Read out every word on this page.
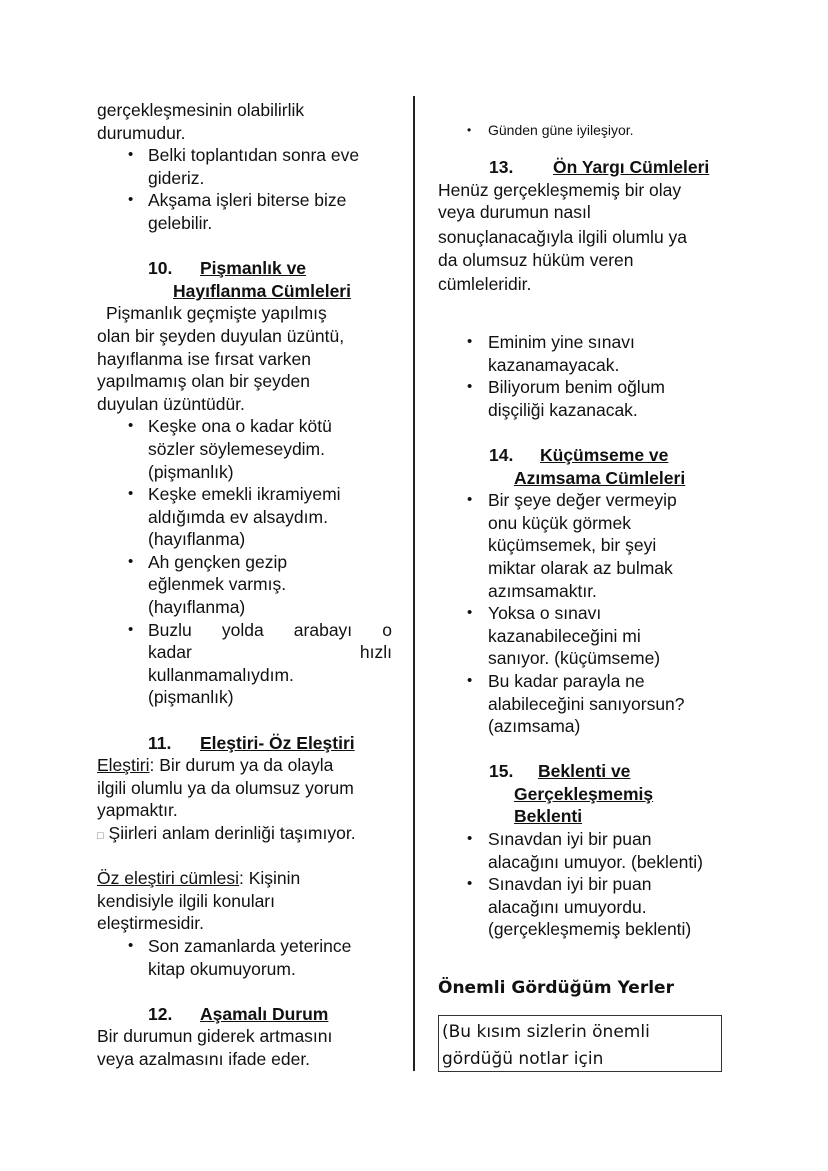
gerçekleşmesinin olabilirlik
durumudur.
• Belki toplantıdan sonra eve
gideriz.
• Akşama işleri biterse bize
gelebilir.
10. Pişmanlık ve
Hayıflanma Cümleleri
Pişmanlık geçmişte yapılmış
olan bir şeyden duyulan üzüntü,
hayıflanma ise fırsat varken
yapılmamış olan bir şeyden
duyulan üzüntüdür.
• Keşke ona o kadar kötü
sözler söylemeseydim.
(pişmanlık)
• Keşke emekli ikramiyemi
aldığımda ev alsaydım.
(hayıflanma)
• Ah gençken gezip
eğlenmek varmış.
(hayıflanma)
• Buzlu yolda arabayı o
kadar hızlı
kullanmamalıydım.
(pişmanlık)
11. Eleştiri- Öz Eleştiri
Eleştiri: Bir durum ya da olayla
ilgili olumlu ya da olumsuz yorum
yapmaktır.
□ Şiirleri anlam derinliği taşımıyor.
Öz eleştiri cümlesi: Kişinin
kendisiyle ilgili konuları
eleştirmesidir.
• Son zamanlarda yeterince
kitap okumuyorum.
12. Aşamalı Durum
Bir durumun giderek artmasını
veya azalmasını ifade eder.
• Günden güne iyileşiyor.
13. Ön Yargı Cümleleri
Henüz gerçekleşmemiş bir olay
veya durumun nasıl
sonuçlanacağıyla ilgili olumlu ya
da olumsuz hüküm veren
cümleleridir.
• Eminim yine sınavı
kazanamayacak.
• Biliyorum benim oğlum
dişçiliği kazanacak.
14. Küçümseme ve
Azımsama Cümleleri
• Bir şeye değer vermeyip
onu küçük görmek
küçümsemek, bir şeyi
miktar olarak az bulmak
azımsamaktır.
• Yoksa o sınavı
kazanabileceğini mi
sanıyor. (küçümseme)
• Bu kadar parayla ne
alabileceğini sanıyorsun?
(azımsama)
15. Beklenti ve
Gerçekleşmemiş
Beklenti
• Sınavdan iyi bir puan
alacağını umuyor. (beklenti)
• Sınavdan iyi bir puan
alacağını umuyordu.
(gerçekleşmemiş beklenti)
Önemli Gördüğüm Yerler
(Bu kısım sizlerin önemli
gördüğü notlar için
